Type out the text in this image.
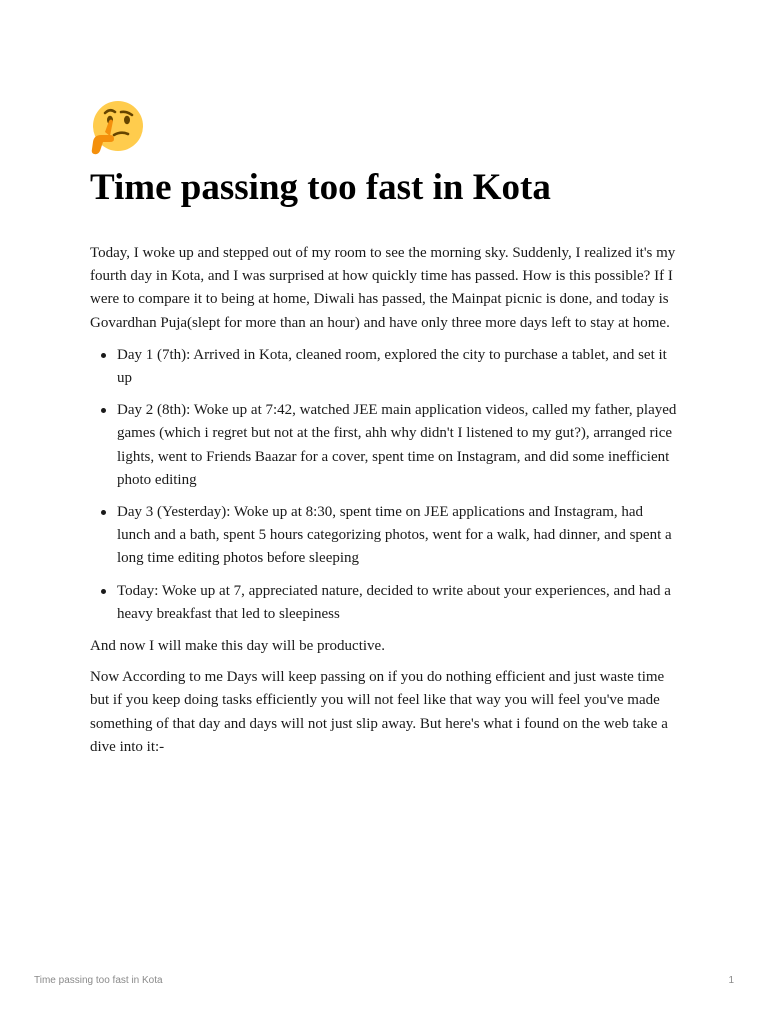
Time passing too fast in Kota

Today, I woke up and stepped out of my room to see the morning sky. Suddenly, I realized it's my fourth day in Kota, and I was surprised at how quickly time has passed. How is this possible? If I were to compare it to being at home, Diwali has passed, the Mainpat picnic is done, and today is Govardhan Puja(slept for more than an hour) and have only three more days left to stay at home.

Day 1 (7th): Arrived in Kota, cleaned room, explored the city to purchase a tablet, and set it up
Day 2 (8th): Woke up at 7:42, watched JEE main application videos, called my father, played games (which i regret but not at the first, ahh why didn't I listened to my gut?), arranged rice lights, went to Friends Baazar for a cover, spent time on Instagram, and did some inefficient photo editing
Day 3 (Yesterday): Woke up at 8:30, spent time on JEE applications and Instagram, had lunch and a bath, spent 5 hours categorizing photos, went for a walk, had dinner, and spent a long time editing photos before sleeping
Today: Woke up at 7, appreciated nature, decided to write about your experiences, and had a heavy breakfast that led to sleepiness

And now I will make this day will be productive.

Now According to me Days will keep passing on if you do nothing efficient and just waste time but if you keep doing tasks efficiently you will not feel like that way you will feel you've made something of that day and days will not just slip away. But here's what i found on the web take a dive into it:-

Time passing too fast in Kota	1
